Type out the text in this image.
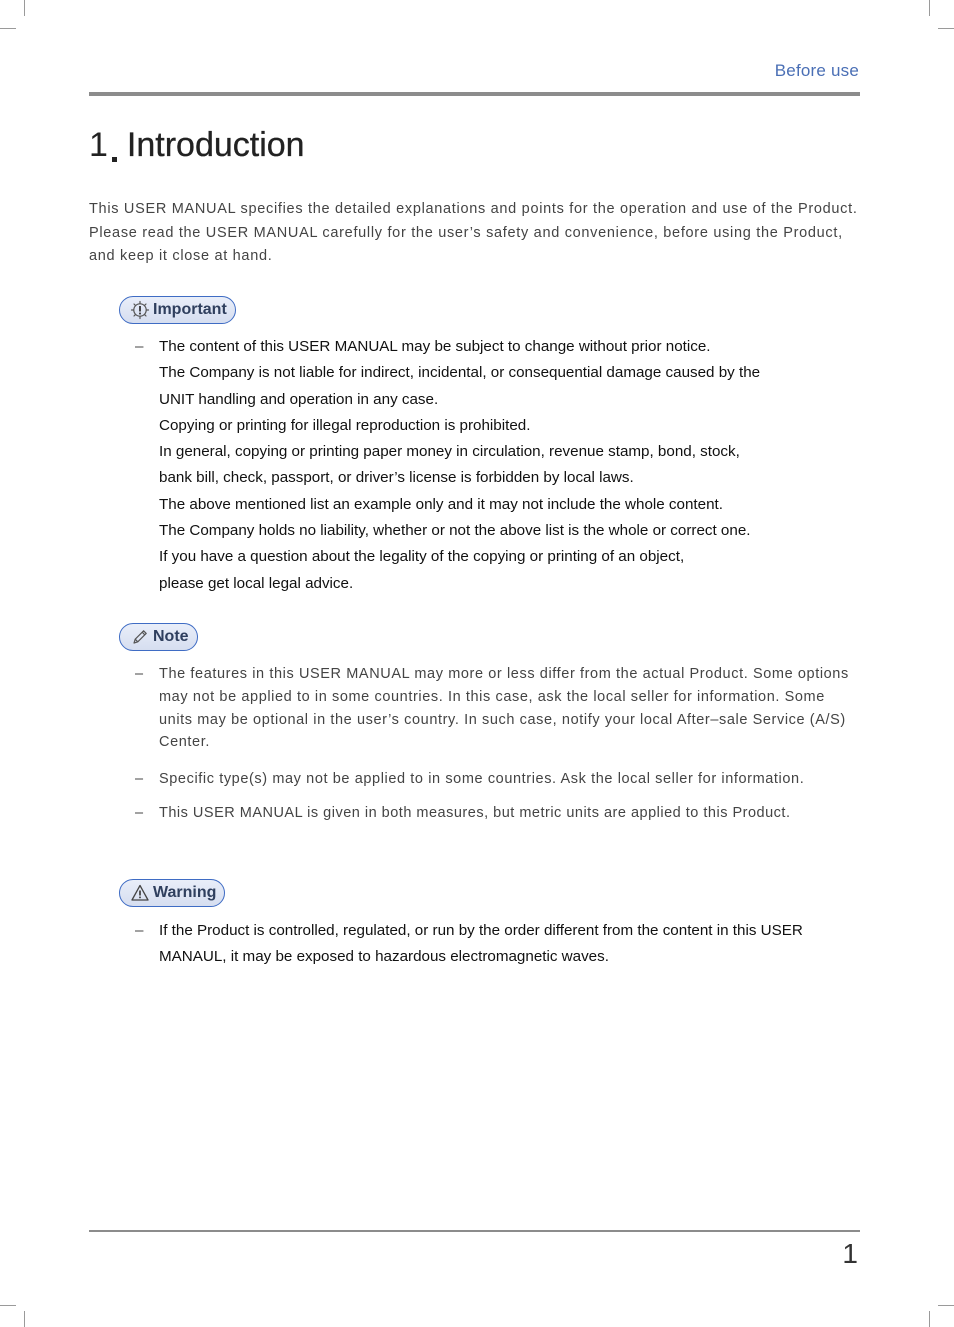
Before use
1 Introduction

This USER MANUAL specifies the detailed explanations and points for the operation and use of the Product. Please read the USER MANUAL carefully for the user’s safety and convenience, before using the Product, and keep it close at hand.

Important
– The content of this USER MANUAL may be subject to change without prior notice.
The Company is not liable for indirect, incidental, or consequential damage caused by the
UNIT handling and operation in any case.
Copying or printing for illegal reproduction is prohibited.
In general, copying or printing paper money in circulation, revenue stamp, bond, stock,
bank bill, check, passport, or driver’s license is forbidden by local laws.
The above mentioned list an example only and it may not include the whole content.
The Company holds no liability, whether or not the above list is the whole or correct one.
If you have a question about the legality of the copying or printing of an object,
please get local legal advice.
Note
– The features in this USER MANUAL may more or less differ from the actual Product. Some options may not be applied to in some countries. In this case, ask the local seller for information. Some units may be optional in the user’s country. In such case, notify your local After–sale Service (A/S) Center.
– Specific type(s) may not be applied to in some countries. Ask the local seller for information.
– This USER MANUAL is given in both measures, but metric units are applied to this Product.
Warning
– If the Product is controlled, regulated, or run by the order different from the content in this USER MANAUL, it may be exposed to hazardous electromagnetic waves.
1
